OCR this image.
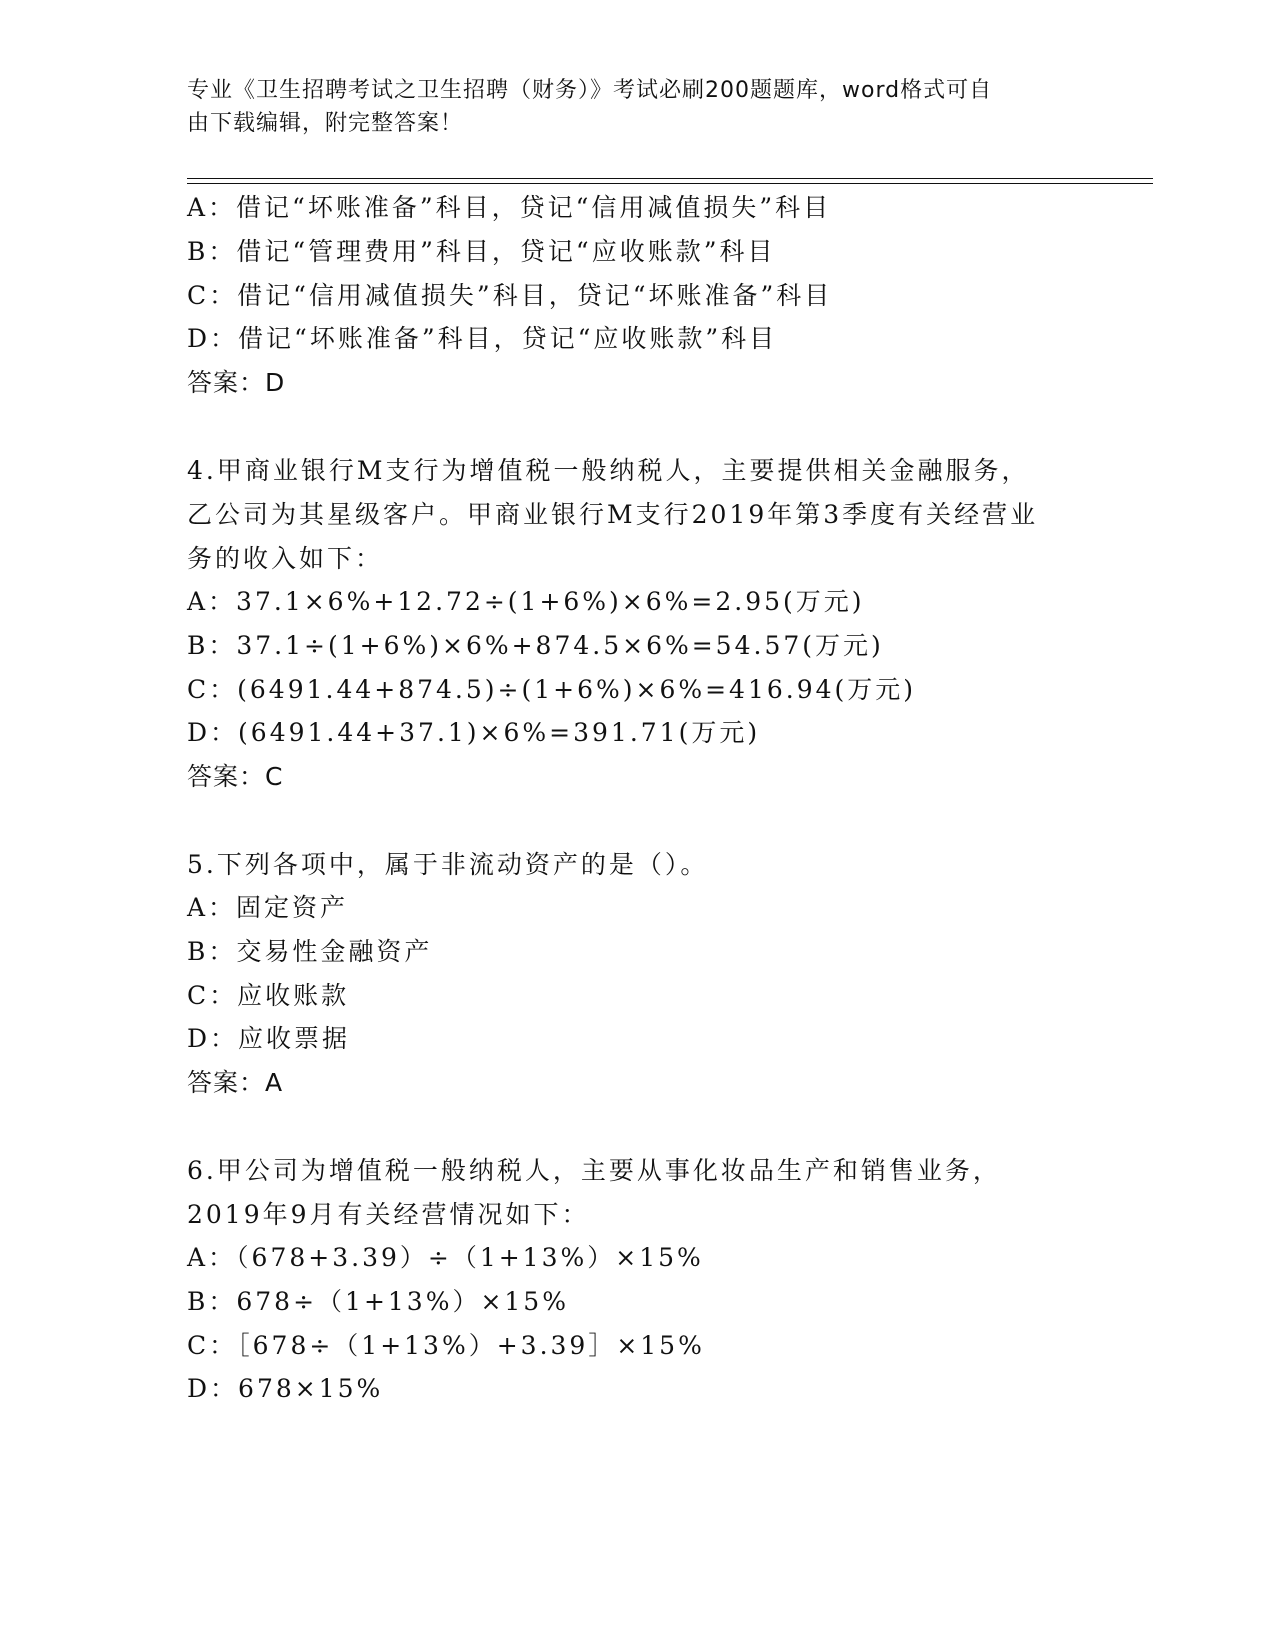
专业《卫生招聘考试之卫生招聘（财务）》考试必刷200题题库，word格式可自
由下载编辑，附完整答案！
A：借记“坏账准备”科目，贷记“信用减值损失”科目
B：借记“管理费用”科目，贷记“应收账款”科目
C：借记“信用减值损失”科目，贷记“坏账准备”科目
D：借记“坏账准备”科目，贷记“应收账款”科目
答案：D
4.甲商业银行M支行为增值税一般纳税人，主要提供相关金融服务，
乙公司为其星级客户。甲商业银行M支行2019年第3季度有关经营业
务的收入如下：
A：37.1×6%+12.72÷(1+6%)×6%=2.95(万元)
B：37.1÷(1+6%)×6%+874.5×6%=54.57(万元)
C：(6491.44+874.5)÷(1+6%)×6%=416.94(万元)
D：(6491.44+37.1)×6%=391.71(万元)
答案：C
5.下列各项中，属于非流动资产的是（）。
A：固定资产
B：交易性金融资产
C：应收账款
D：应收票据
答案：A
6.甲公司为增值税一般纳税人，主要从事化妆品生产和销售业务，
2019年9月有关经营情况如下：
A：（678+3.39）÷（1+13%）×15%
B：678÷（1+13%）×15%
C：［678÷（1+13%）+3.39］×15%
D：678×15%
